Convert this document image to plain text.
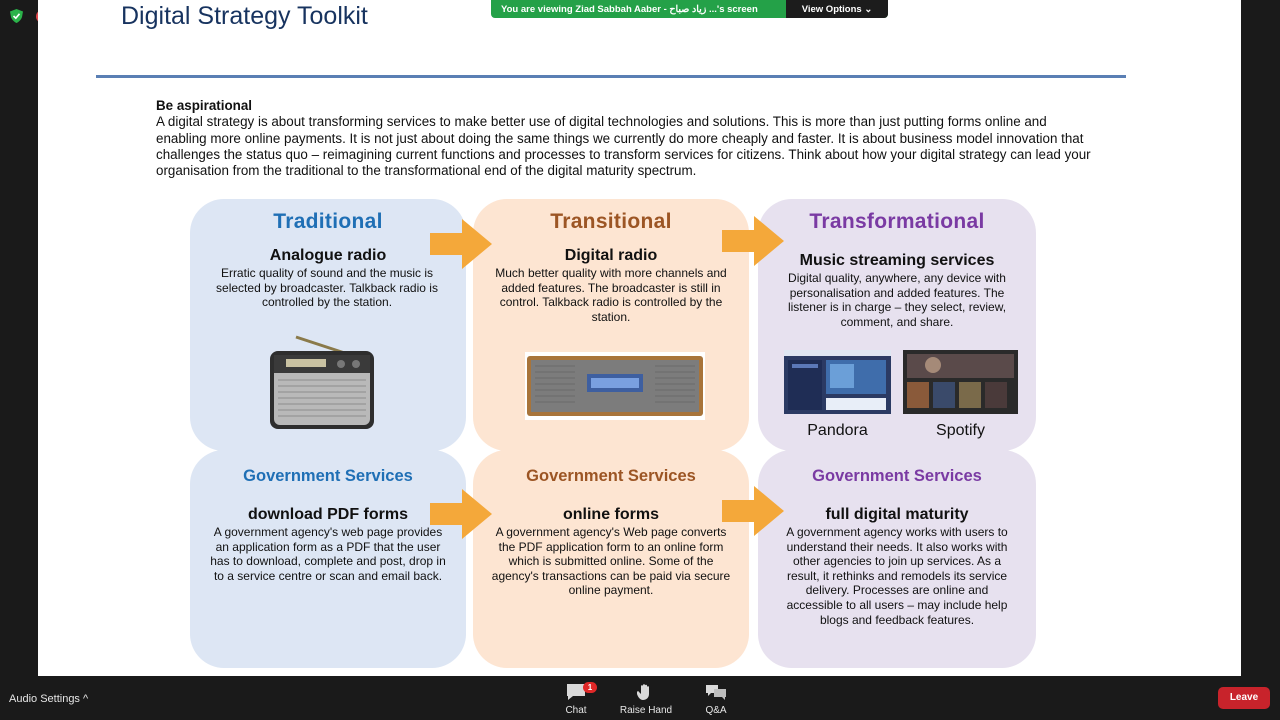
Digital Strategy Toolkit
Be aspirational
A digital strategy is about transforming services to make better use of digital technologies and solutions. This is more than just putting forms online and enabling more online payments. It is not just about doing the same things we currently do more cheaply and faster. It is about business model innovation that challenges the status quo – reimagining current functions and processes to transform services for citizens. Think about how your digital strategy can lead your organisation from the traditional to the transformational end of the digital maturity spectrum.
Traditional
Analogue radio
Erratic quality of sound and the music is selected by broadcaster. Talkback radio is controlled by the station.
Transitional
Digital radio
Much better quality with more channels and added features. The broadcaster is still in control. Talkback radio is controlled by the station.
Transformational
Music streaming services
Digital quality, anywhere, any device with personalisation and added features. The listener is in charge – they select, review, comment, and share.
Pandora	Spotify
Government Services
download PDF forms
A government agency's web page provides an application form as a PDF that the user has to download, complete and post, drop in to a service centre or scan and email back.
Government Services
online forms
A government agency's Web page converts the PDF application form to an online form which is submitted online. Some of the agency's transactions can be paid via secure online payment.
Government Services
full digital maturity
A government agency works with users to understand their needs. It also works with other agencies to join up services. As a result, it rethinks and remodels its service delivery. Processes are online and accessible to all users – may include help blogs and feedback features.
You are viewing Ziad Sabbah Aaber - زياد صباح ...'s screen	View Options ⌄
Audio Settings ^
1
Chat	Raise Hand	Q&A
Leave
